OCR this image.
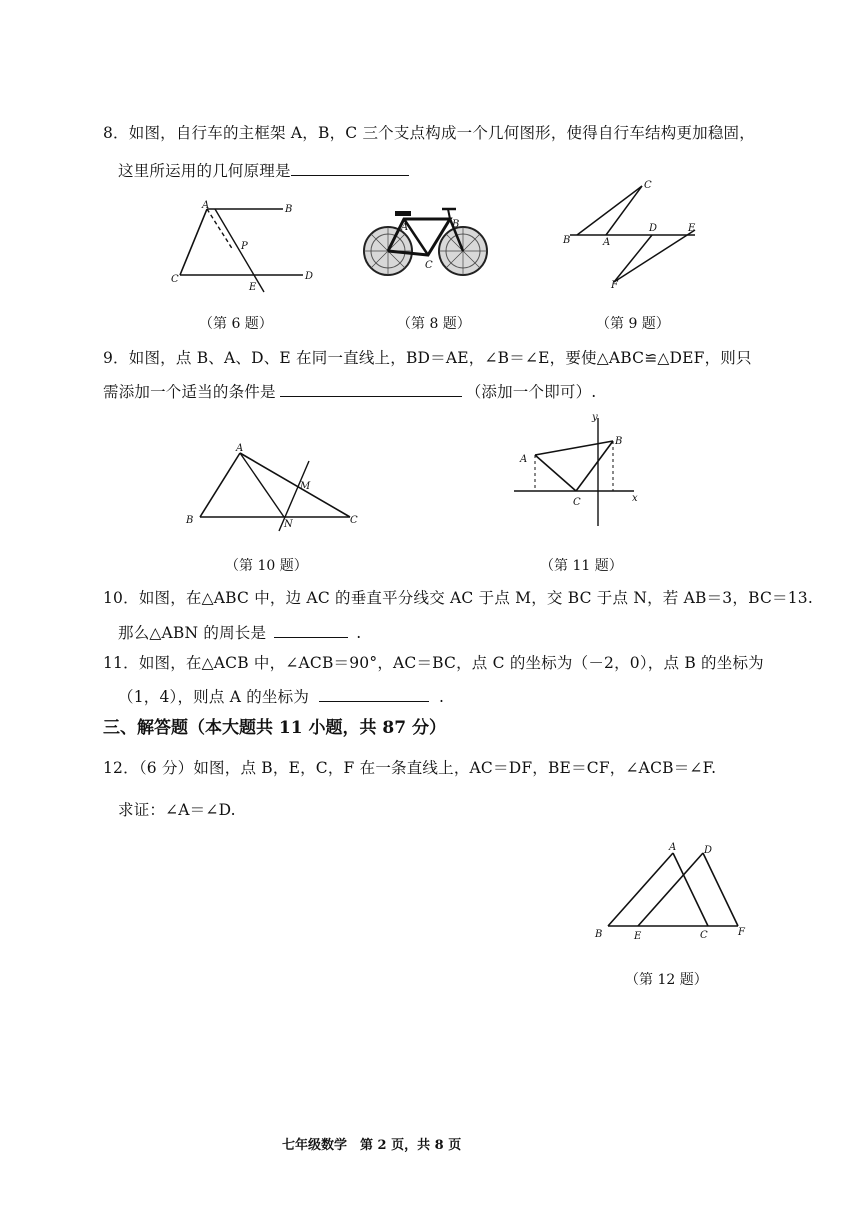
8．如图，自行车的主框架 A，B，C 三个支点构成一个几何图形，使得自行车结构更加稳固，
这里所运用的几何原理是
A	B
P
C	D
E
（第 6 题）
A	B
C
（第 8 题）
C
B	A
D	E
F
（第 9 题）
9．如图，点 B、A、D、E 在同一直线上，BD＝AE，∠B＝∠E，要使△ABC≌△DEF，则只
需添加一个适当的条件是	（添加一个即可）.
A
B
M
N	C
（第 10 题）
y
A
B
C	x
（第 11 题）
10．如图，在△ABC 中，边 AC 的垂直平分线交 AC 于点 M，交 BC 于点 N，若 AB＝3，BC＝13.
那么△ABN 的周长是	.
11．如图，在△ACB 中，∠ACB＝90°，AC＝BC，点 C 的坐标为（－2，0），点 B 的坐标为
（1，4），则点 A 的坐标为	.
三、解答题（本大题共 11 小题，共 87 分）
12．（6 分）如图，点 B，E，C，F 在一条直线上，AC＝DF，BE＝CF，∠ACB＝∠F.
求证：∠A＝∠D.
A	D
B	E	C	F
（第 12 题）
七年级数学　第 2 页，共 8 页
